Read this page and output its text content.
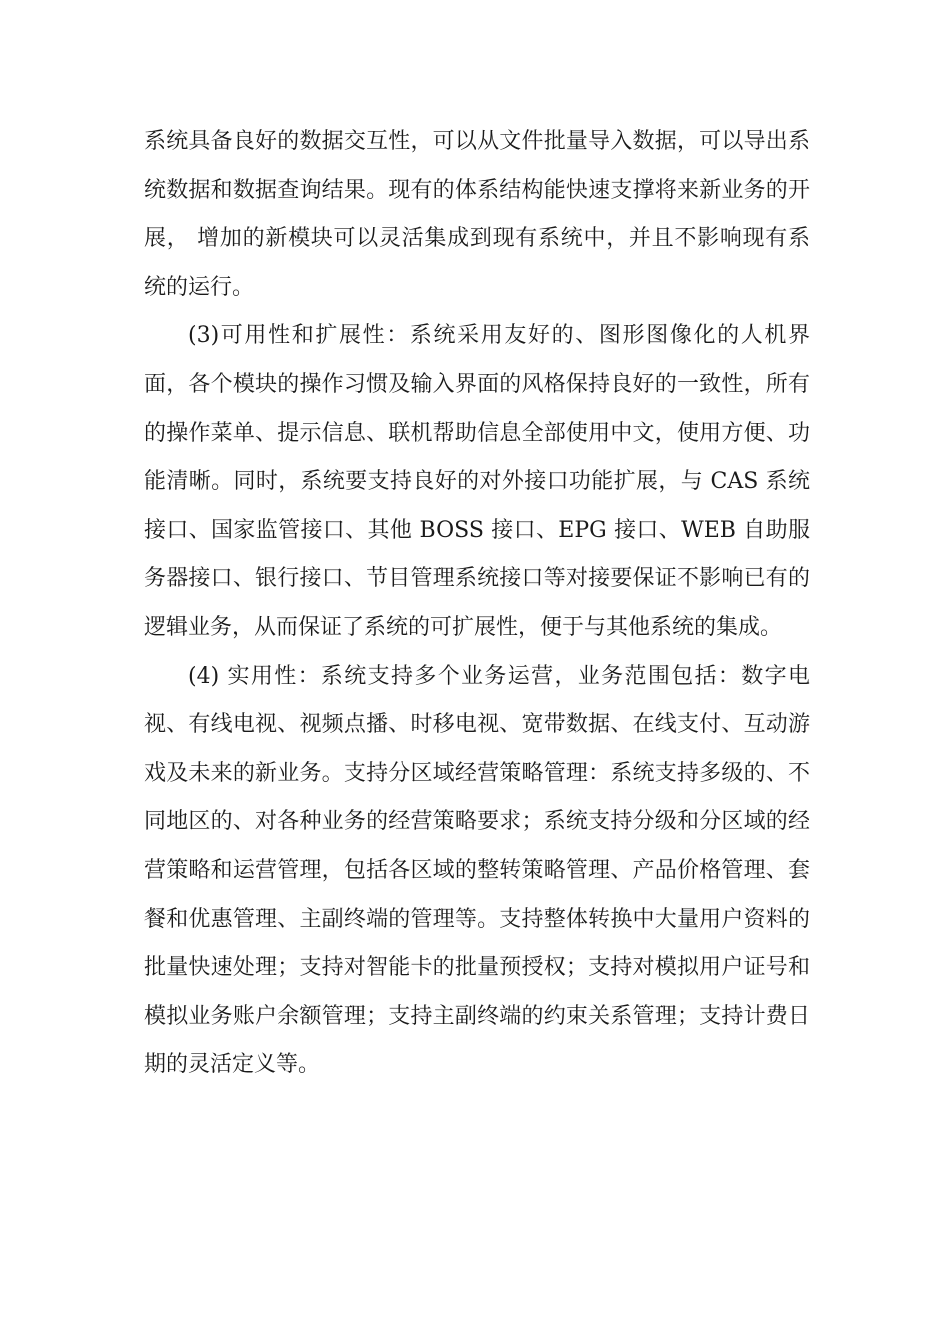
系统具备良好的数据交互性，可以从文件批量导入数据，可以导出系统数据和数据查询结果。现有的体系结构能快速支撑将来新业务的开展， 增加的新模块可以灵活集成到现有系统中，并且不影响现有系统的运行。

(3)可用性和扩展性：系统采用友好的、图形图像化的人机界面，各个模块的操作习惯及输入界面的风格保持良好的一致性，所有的操作菜单、提示信息、联机帮助信息全部使用中文，使用方便、功能清晰。同时，系统要支持良好的对外接口功能扩展，与 CAS 系统接口、国家监管接口、其他 BOSS 接口、EPG 接口、WEB 自助服务器接口、银行接口、节目管理系统接口等对接要保证不影响已有的逻辑业务，从而保证了系统的可扩展性，便于与其他系统的集成。

(4) 实用性：系统支持多个业务运营，业务范围包括：数字电视、有线电视、视频点播、时移电视、宽带数据、在线支付、互动游戏及未来的新业务。支持分区域经营策略管理：系统支持多级的、不同地区的、对各种业务的经营策略要求；系统支持分级和分区域的经营策略和运营管理，包括各区域的整转策略管理、产品价格管理、套餐和优惠管理、主副终端的管理等。支持整体转换中大量用户资料的批量快速处理；支持对智能卡的批量预授权；支持对模拟用户证号和模拟业务账户余额管理；支持主副终端的约束关系管理；支持计费日期的灵活定义等。
